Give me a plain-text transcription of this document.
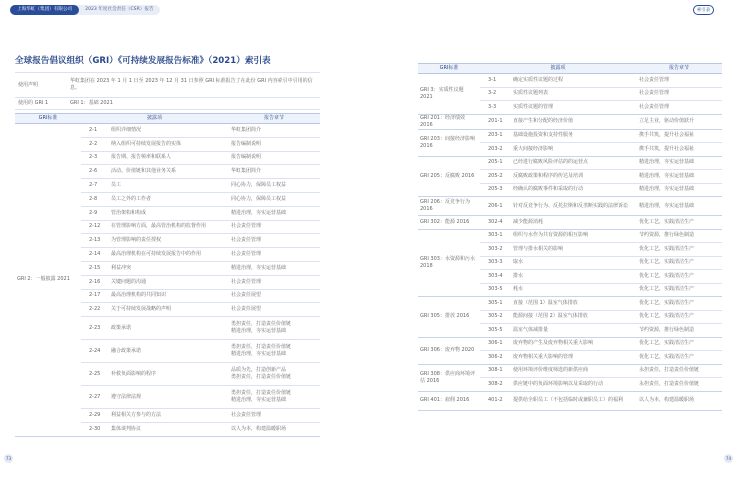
上海华虹（集团）有限公司	2023 年度社会责任（CSR）报告	索引表
全球报告倡议组织（GRI）《可持续发展报告标准》（2021）索引表
使用声明	华虹集团在 2023 年 1 月 1 日至 2023 年 12 月 31 日参照 GRI 标准报告了在此份 GRI 内容索引中引用的信息。
使用的 GRI 1	GRI 1：基础 2021
GRI标准	披露项		报告章节
GRI 2：一般披露 2021	2-1	组织详细情况	华虹集团简介
	2-2	纳入组织可持续发展报告的实体	报告编制说明
	2-3	报告期、报告频率和联系人	报告编制说明
	2-6	活动、价值链和其他业务关系	华虹集团简介
	2-7	员工	同心协力，保障员工权益
	2-8	员工之外的工作者	同心协力，保障员工权益
	2-9	管治架构和构成	精进治理，夯实运营基础
	2-12	在管理影响方面，最高管治机构的监督作用	社会责任管理
	2-13	为管理影响的责任授权	社会责任管理
	2-14	最高治理机构在可持续发展报告中的作用	社会责任管理
	2-15	利益冲突	精进治理，夯实运营基础
	2-16	关键问题的沟通	社会责任管理
	2-17	最高治理机构的共同知识	社会责任展望
	2-22	关于可持续发展战略的声明	社会责任展望
	2-23	政策承诺	勇担责任，打造责任价值链
精进治理，夯实运营基础
	2-24	融合政策承诺	勇担责任，打造责任价值链
精进治理，夯实运营基础
	2-25	补救负面影响的程序	品质为先，打造创新产品
勇担责任，打造责任价值链
	2-27	遵守法律法规	勇担责任，打造责任价值链
精进治理，夯实运营基础
	2-29	利益相关方参与的方法	社会责任管理
	2-30	集体谈判协议	以人为本，构建温暖职场
GRI标准	披露项		报告章节
GRI 3：实质性议题 2021	3-1	确定实质性议题的过程	社会责任管理
	3-2	实质性议题列表	社会责任管理
	3-3	实质性议题的管理	社会责任管理
GRI 201：经济绩效 2016	201-1	直接产生和分配的经济价值	立足主业，驱动价值跃升
GRI 203：间接经济影响 2016	203-1	基础设施投资和支持性服务	携手共筑，提升社会福祉
	203-2	重大间接经济影响	携手共筑，提升社会福祉
GRI 205：反腐败 2016	205-1	已经进行腐败风险评估的的运营点	精进治理，夯实运营基础
	205-2	反腐败政策和程序的传达及培训	精进治理，夯实运营基础
	205-3	经确认的腐败事件和采取的行动	精进治理，夯实运营基础
GRI 206：反竞争行为 2016	206-1	针对反竞争行为、反托拉斯和反垄断实践的法律诉讼	精进治理，夯实运营基础
GRI 302：能源 2016	302-4	减少能源消耗	优化工艺，实践清洁生产
GRI 303：水资源和污水 2018	303-1	组织与水作为共有资源的相互影响	节约资源，推行绿色制造
	303-2	管理与排水相关的影响	优化工艺，实践清洁生产
	303-3	取水	优化工艺，实践清洁生产
	303-4	排水	优化工艺，实践清洁生产
	303-5	耗水	优化工艺，实践清洁生产
GRI 305：排放 2016	305-1	直接（范围 1）温室气体排放	优化工艺，实践清洁生产
	305-2	能源间接（范围 2）温室气体排放	优化工艺，实践清洁生产
	305-5	温室气体减排量	节约资源，推行绿色制造
GRI 306：废弃物 2020	306-1	废弃物的产生及废弃物相关重大影响	优化工艺，实践清洁生产
	306-2	废弃物相关重大影响的管理	优化工艺，实践清洁生产
GRI 308：供应商环境评估 2016	308-1	使用环境评价维度筛选的新供应商	永担责任，打造责任价值链
	308-2	供应链中的负面环境影响以及采取的行动	永担责任，打造责任价值链
GRI 401：雇佣 2016	401-2	提供给全职员工（不包括临时或兼职员工）的福利	以人为本，构建温暖职场
73	74
